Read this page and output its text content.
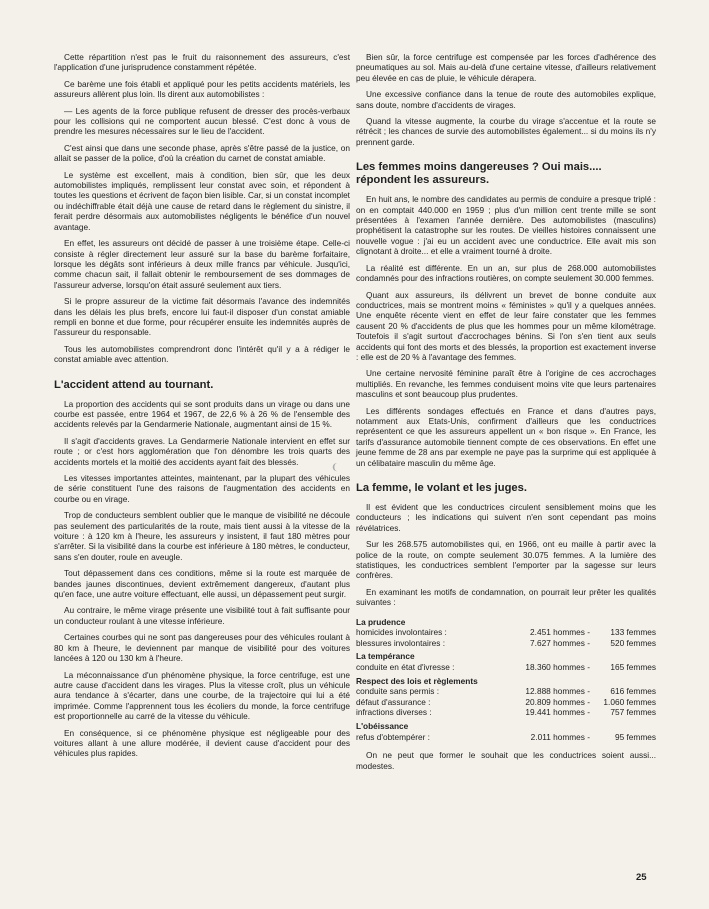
Cette répartition n'est pas le fruit du raisonnement des assureurs, c'est l'application d'une jurisprudence constamment répétée.

Ce barème une fois établi et appliqué pour les petits accidents matériels, les assureurs allèrent plus loin. Ils dirent aux automobilistes :

— Les agents de la force publique refusent de dresser des procès-verbaux pour les collisions qui ne comportent aucun blessé. C'est donc à vous de prendre les mesures nécessaires sur le lieu de l'accident.

C'est ainsi que dans une seconde phase, après s'être passé de la justice, on allait se passer de la police, d'où la création du carnet de constat amiable.

Le système est excellent, mais à condition, bien sûr, que les deux automobilistes impliqués, remplissent leur constat avec soin, et répondent à toutes les questions et écrivent de façon bien lisible. Car, si un constat incomplet ou indéchiffrable était déjà une cause de retard dans le règlement du sinistre, il ferait perdre désormais aux automobilistes négligents le bénéfice d'un nouvel avantage.

En effet, les assureurs ont décidé de passer à une troisième étape. Celle-ci consiste à régler directement leur assuré sur la base du barème forfaitaire, lorsque les dégâts sont inférieurs à deux mille francs par véhicule. Jusqu'ici, comme chacun sait, il fallait obtenir le remboursement de ses dommages de l'assureur adverse, lorsqu'on était assuré seulement aux tiers.

Si le propre assureur de la victime fait désormais l'avance des indemnités dans les délais les plus brefs, encore lui faut-il disposer d'un constat amiable rempli en bonne et due forme, pour récupérer ensuite les indemnités auprès de l'assureur du responsable.

Tous les automobilistes comprendront donc l'intérêt qu'il y a à rédiger le constat amiable avec attention.

L'accident attend au tournant.

La proportion des accidents qui se sont produits dans un virage ou dans une courbe est passée, entre 1964 et 1967, de 22,6 % à 26 % de l'ensemble des accidents relevés par la Gendarmerie Nationale, augmentant ainsi de 15 %.

Il s'agit d'accidents graves. La Gendarmerie Nationale intervient en effet sur route ; or c'est hors agglomération que l'on dénombre les trois quarts des accidents mortels et la moitié des accidents ayant fait des blessés.

Les vitesses importantes atteintes, maintenant, par la plupart des véhicules de série constituent l'une des raisons de l'augmentation des accidents en courbe ou en virage.

Trop de conducteurs semblent oublier que le manque de visibilité ne découle pas seulement des particularités de la route, mais tient aussi à la vitesse de la voiture : à 120 km à l'heure, les assureurs y insistent, il faut 180 mètres pour s'arrêter. Si la visibilité dans la courbe est inférieure à 180 mètres, le conducteur, sans s'en douter, roule en aveugle.

Tout dépassement dans ces conditions, même si la route est marquée de bandes jaunes discontinues, devient extrêmement dangereux, d'autant plus qu'en face, une autre voiture effectuant, elle aussi, un dépassement peut surgir.

Au contraire, le même virage présente une visibilité tout à fait suffisante pour un conducteur roulant à une vitesse inférieure.

Certaines courbes qui ne sont pas dangereuses pour des véhicules roulant à 80 km à l'heure, le deviennent par manque de visibilité pour des voitures lancées à 120 ou 130 km à l'heure.

La méconnaissance d'un phénomène physique, la force centrifuge, est une autre cause d'accident dans les virages. Plus la vitesse croît, plus un véhicule aura tendance à s'écarter, dans une courbe, de la trajectoire qui lui a été imprimée. Comme l'apprennent tous les écoliers du monde, la force centrifuge est proportionnelle au carré de la vitesse du véhicule.

En conséquence, si ce phénomène physique est négligeable pour des voitures allant à une allure modérée, il devient cause d'accident pour des véhicules plus rapides.

Bien sûr, la force centrifuge est compensée par les forces d'adhérence des pneumatiques au sol. Mais au-delà d'une certaine vitesse, d'ailleurs relativement peu élevée en cas de pluie, le véhicule dérapera.

Une excessive confiance dans la tenue de route des automobiles explique, sans doute, nombre d'accidents de virages.

Quand la vitesse augmente, la courbe du virage s'accentue et la route se rétrécit ; les chances de survie des automobilistes également... si du moins ils n'y prennent garde.

Les femmes moins dangereuses ? Oui mais.... répondent les assureurs.

En huit ans, le nombre des candidates au permis de conduire a presque triplé : on en comptait 440.000 en 1959 ; plus d'un million cent trente mille se sont présentées à l'examen l'année dernière. Des automobilistes (masculins) prophétisent la catastrophe sur les routes. De vieilles histoires connaissent une nouvelle vogue : j'ai eu un accident avec une conductrice. Elle avait mis son clignotant à droite... et elle a vraiment tourné à droite.

La réalité est différente. En un an, sur plus de 268.000 automobilistes condamnés pour des infractions routières, on compte seulement 30.000 femmes.

Quant aux assureurs, ils délivrent un brevet de bonne conduite aux conductrices, mais se montrent moins « féministes » qu'il y a quelques années. Une enquête récente vient en effet de leur faire constater que les femmes causent 20 % d'accidents de plus que les hommes pour un même kilométrage. Toutefois il s'agit surtout d'accrochages bénins. Si l'on s'en tient aux seuls accidents qui font des morts et des blessés, la proportion est exactement inverse : elle est de 20 % à l'avantage des femmes.

Une certaine nervosité féminine paraît être à l'origine de ces accrochages multipliés. En revanche, les femmes conduisent moins vite que leurs partenaires masculins et sont beaucoup plus prudentes.

Les différents sondages effectués en France et dans d'autres pays, notamment aux Etats-Unis, confirment d'ailleurs que les conductrices représentent ce que les assureurs appellent un « bon risque ». En France, les tarifs d'assurance automobile tiennent compte de ces observations. En effet une jeune femme de 28 ans par exemple ne paye pas la surprime qui est appliquée à un célibataire masculin du même âge.

La femme, le volant et les juges.

Il est évident que les conductrices circulent sensiblement moins que les conducteurs ; les indications qui suivent n'en sont cependant pas moins révélatrices.

Sur les 268.575 automobilistes qui, en 1966, ont eu maille à partir avec la police de la route, on compte seulement 30.075 femmes. A la lumière des statistiques, les conductrices semblent l'emporter par la sagesse sur leurs confrères.

En examinant les motifs de condamnation, on pourrait leur prêter les qualités suivantes :

La prudence		
homicides involontaires :	2.451 hommes -	133 femmes
blessures involontaires :	7.627 hommes -	520 femmes
La tempérance		
conduite en état d'ivresse :	18.360 hommes -	165 femmes
Respect des lois et règlements		
conduite sans permis :	12.888 hommes -	616 femmes
défaut d'assurance :	20.809 hommes -	1.060 femmes
infractions diverses :	19.441 hommes -	757 femmes
L'obéissance		
refus d'obtempérer :	2.011 hommes -	95 femmes

On ne peut que former le souhait que les conductrices soient aussi... modestes.

❨
25
